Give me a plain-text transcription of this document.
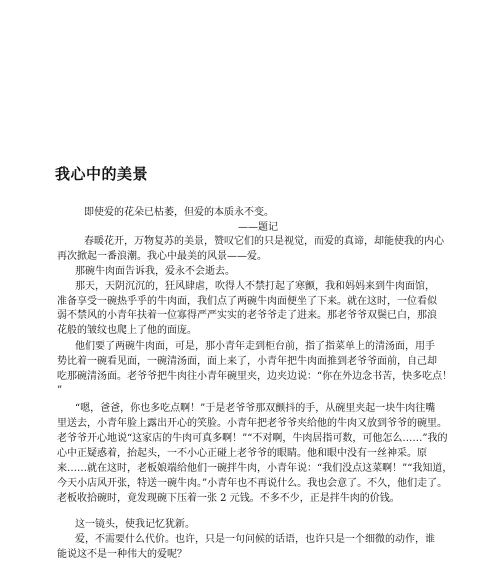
我心中的美景
即使爱的花朵已枯萎，但爱的本质永不变。
——题记
春暖花开，万物复苏的美景，赞叹它们的只是视觉，而爱的真谛，却能使我的内心
再次掀起一番浪潮。我心中最美的风景——爱。
那碗牛肉面告诉我，爱永不会逝去。
那天，天阴沉沉的，狂风肆虐，吹得人不禁打起了寒颤，我和妈妈来到牛肉面馆，
准备享受一碗热乎乎的牛肉面，我们点了两碗牛肉面便坐了下来。就在这时，一位看似
弱不禁风的小青年扶着一位寡得严严实实的老爷爷走了进来。那老爷爷双鬓已白，那浪
花般的皱纹也爬上了他的面庞。
他们要了两碗牛肉面，可是，那小青年走到柜台前，指了指菜单上的清汤面，用手
势比着一碗看见面，一碗清汤面，面上来了，小青年把牛肉面推到老爷爷面前，自己却
吃那碗清汤面。老爷爷把牛肉往小青年碗里夹，边夹边说：“你在外边念书苦，快多吃点！
”
“嗯，爸爸，你也多吃点啊！”于是老爷爷那双颤抖的手，从碗里夹起一块牛肉往嘴
里送去，小青年脸上露出开心的笑脸。小青年把老爷爷夹给他的牛肉又放到爷爷的碗里。
老爷爷开心地说“这家店的牛肉可真多啊！”“不对啊，牛肉居指可数，可他怎么……”我的
心中正疑惑着，抬起头，一不小心正碰上老爷爷的眼睛。他和眼中没有一丝神采。原
来……就在这时，老板娘端给他们一碗拌牛肉，小青年说：“我们没点这菜啊！”“我知道，
今天小店风开张，特送一碗牛肉。”小青年也不再说什么。我也会意了。不久，他们走了。
老板收拾碗时，竟发现碗下压着一张 2 元钱。不多不少，正是拌牛肉的价钱。
这一镜头，使我记忆犹新。
爱，不需要什么代价。也许，只是一句问候的话语，也许只是一个细微的动作，谁
能说这不是一种伟大的爱呢？
